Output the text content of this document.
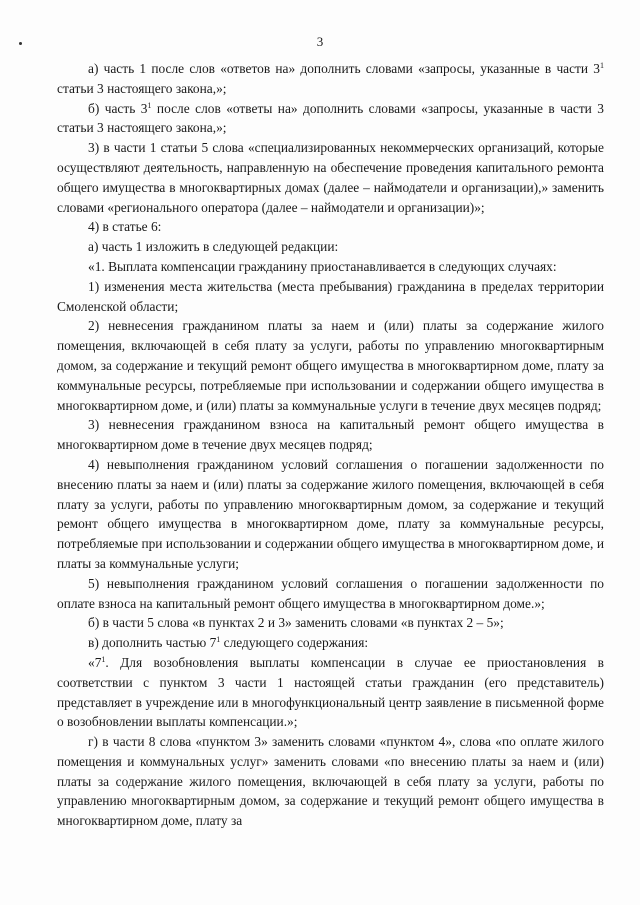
3

а) часть 1 после слов «ответов на» дополнить словами «запросы, указанные в части $3^1$ статьи 3 настоящего закона,»;

б) часть $3^1$ после слов «ответы на» дополнить словами «запросы, указанные в части 3 статьи 3 настоящего закона,»;

3) в части 1 статьи 5 слова «специализированных некоммерческих организаций, которые осуществляют деятельность, направленную на обеспечение проведения капитального ремонта общего имущества в многоквартирных домах (далее – наймодатели и организации),» заменить словами «регионального оператора (далее – наймодатели и организации)»;

4) в статье 6:

а) часть 1 изложить в следующей редакции:

«1. Выплата компенсации гражданину приостанавливается в следующих случаях:

1) изменения места жительства (места пребывания) гражданина в пределах территории Смоленской области;

2) невнесения гражданином платы за наем и (или) платы за содержание жилого помещения, включающей в себя плату за услуги, работы по управлению многоквартирным домом, за содержание и текущий ремонт общего имущества в многоквартирном доме, плату за коммунальные ресурсы, потребляемые при использовании и содержании общего имущества в многоквартирном доме, и (или) платы за коммунальные услуги в течение двух месяцев подряд;

3) невнесения гражданином взноса на капитальный ремонт общего имущества в многоквартирном доме в течение двух месяцев подряд;

4) невыполнения гражданином условий соглашения о погашении задолженности по внесению платы за наем и (или) платы за содержание жилого помещения, включающей в себя плату за услуги, работы по управлению многоквартирным домом, за содержание и текущий ремонт общего имущества в многоквартирном доме, плату за коммунальные ресурсы, потребляемые при использовании и содержании общего имущества в многоквартирном доме, и платы за коммунальные услуги;

5) невыполнения гражданином условий соглашения о погашении задолженности по оплате взноса на капитальный ремонт общего имущества в многоквартирном доме.»;

б) в части 5 слова «в пунктах 2 и 3» заменить словами «в пунктах 2 – 5»;

в) дополнить частью $7^1$ следующего содержания:

«$7^1$. Для возобновления выплаты компенсации в случае ее приостановления в соответствии с пунктом 3 части 1 настоящей статьи гражданин (его представитель) представляет в учреждение или в многофункциональный центр заявление в письменной форме о возобновлении выплаты компенсации.»;

г) в части 8 слова «пунктом 3» заменить словами «пунктом 4», слова «по оплате жилого помещения и коммунальных услуг» заменить словами «по внесению платы за наем и (или) платы за содержание жилого помещения, включающей в себя плату за услуги, работы по управлению многоквартирным домом, за содержание и текущий ремонт общего имущества в многоквартирном доме, плату за
